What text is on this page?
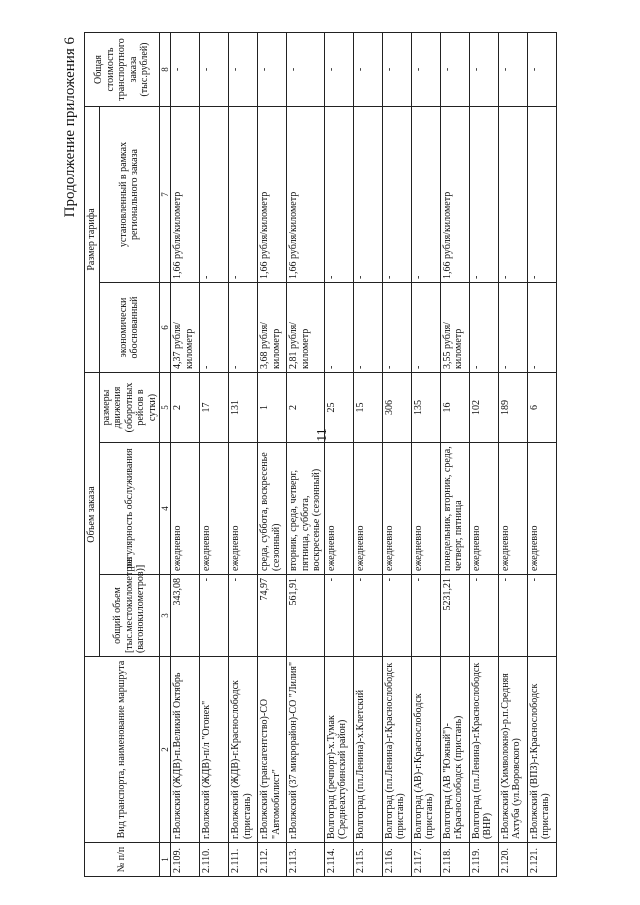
11
Продолжение приложения 6
№ п/п	Вид транспорта, наименование маршрута	Объем заказа			Размер тарифа		Общая стоимость транспортного заказа (тыс.рублей)
		общий объем [тыс.местокилометров (вагонокилометров)]	регулярность обслуживания	размеры движения (оборотных рейсов в сутки)	экономически обоснованный	установленный в рамках регионального заказа	
1	2	3	4	5	6	7	8
2.109.	г.Волжский (ЖДВ)-п.Великий Октябрь	343,08	ежедневно	2	4,37 рубля/километр	1,66 рубля/километр	-
2.110.	г.Волжский (ЖДВ)-п/л "Огонек"	-	ежедневно	17	-	-	-
2.111.	г.Волжский (ЖДВ)-г.Краснослободск (пристань)	-	ежедневно	131	-	-	-
2.112.	г.Волжский (трансагентство)-СО "Автомобилист"	74,97	среда, суббота, воскресенье (сезонный)	1	3,68 рубля/километр	1,66 рубля/километр	-
2.113.	г.Волжский (37 микрорайон)-СО "Лилия"	561,91	вторник, среда, четверг, пятница, суббота, воскресенье (сезонный)	2	2,81 рубля/километр	1,66 рубля/километр	-
2.114.	Волгоград (речпорт)-х.Тумак (Среднеахтубинский район)	-	ежедневно	25	-	-	-
2.115.	Волгоград (пл.Ленина)-х.Клетский	-	ежедневно	15	-	-	-
2.116.	Волгоград (пл.Ленина)-г.Краснослободск (пристань)	-	ежедневно	306	-	-	-
2.117.	Волгоград (АВ)-г.Краснослободск (пристань)	-	ежедневно	135	-	-	-
2.118.	Волгоград (АВ "Южный")-г.Краснослободск (пристань)	5231,21	понедельник, вторник, среда, четверг, пятница	16	3,55 рубля/километр	1,66 рубля/километр	-
2.119.	Волгоград (пл.Ленина)-г.Краснослободск (ВНР)	-	ежедневно	102	-	-	-
2.120.	г.Волжский (Химволокно)-р.п.Средняя Ахтуба (ул.Воровского)	-	ежедневно	189	-	-	-
2.121.	г.Волжский (ВПЗ)-г.Краснослободск (пристань)	-	ежедневно	6	-	-	-
